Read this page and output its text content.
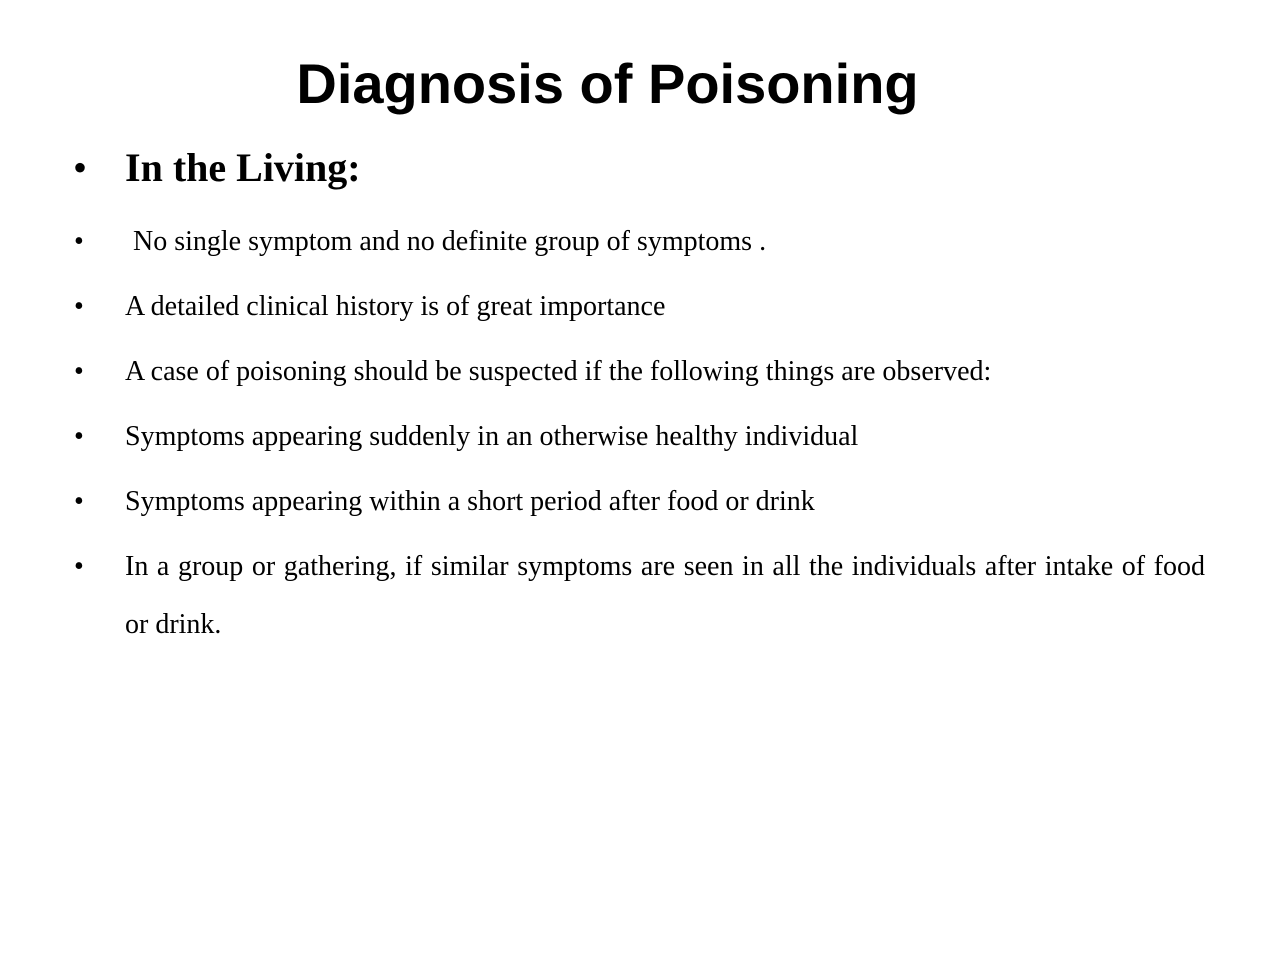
Diagnosis of Poisoning
• In the Living:
• No single symptom and no definite group of symptoms .
• A detailed clinical history is of great importance
• A case of poisoning should be suspected if the following things are observed:
• Symptoms appearing suddenly in an otherwise healthy individual
• Symptoms appearing within a short period after food or drink
• In a group or gathering, if similar symptoms are seen in all the individuals after intake of food or drink.
